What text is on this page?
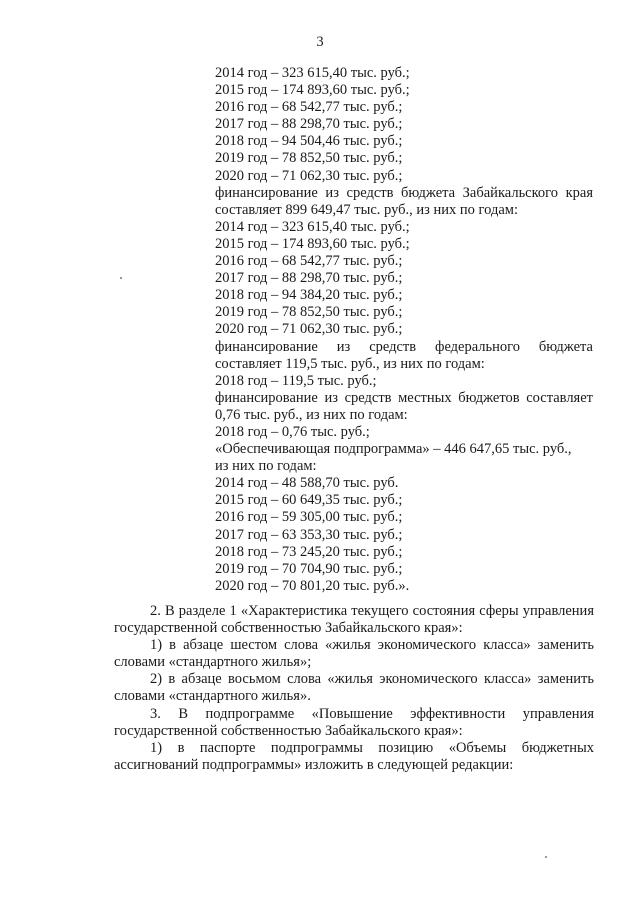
3
2014 год – 323 615,40 тыс. руб.;
2015 год – 174 893,60 тыс. руб.;
2016 год – 68 542,77 тыс. руб.;
2017 год – 88 298,70 тыс. руб.;
2018 год – 94 504,46 тыс. руб.;
2019 год – 78 852,50 тыс. руб.;
2020 год – 71 062,30 тыс. руб.;
финансирование из средств бюджета Забайкальского края
составляет 899 649,47 тыс. руб., из них по годам:
2014 год – 323 615,40 тыс. руб.;
2015 год – 174 893,60 тыс. руб.;
2016 год – 68 542,77 тыс. руб.;
2017 год – 88 298,70 тыс. руб.;
2018 год – 94 384,20 тыс. руб.;
2019 год – 78 852,50 тыс. руб.;
2020 год – 71 062,30 тыс. руб.;
финансирование из средств федерального бюджета
составляет 119,5 тыс. руб., из них по годам:
2018 год – 119,5 тыс. руб.;
финансирование из средств местных бюджетов составляет
0,76 тыс. руб., из них по годам:
2018 год – 0,76 тыс. руб.;
«Обеспечивающая подпрограмма» – 446 647,65 тыс. руб.,
из них по годам:
2014 год – 48 588,70 тыс. руб.
2015 год – 60 649,35 тыс. руб.;
2016 год – 59 305,00 тыс. руб.;
2017 год – 63 353,30 тыс. руб.;
2018 год – 73 245,20 тыс. руб.;
2019 год – 70 704,90 тыс. руб.;
2020 год – 70 801,20 тыс. руб.».
2. В разделе 1 «Характеристика текущего состояния сферы управления
государственной собственностью Забайкальского края»:
1) в абзаце шестом слова «жилья экономического класса» заменить
словами «стандартного жилья»;
2) в абзаце восьмом слова «жилья экономического класса» заменить
словами «стандартного жилья».
3. В подпрограмме «Повышение эффективности управления
государственной собственностью Забайкальского края»:
1) в паспорте подпрограммы позицию «Объемы бюджетных
ассигнований подпрограммы» изложить в следующей редакции:
